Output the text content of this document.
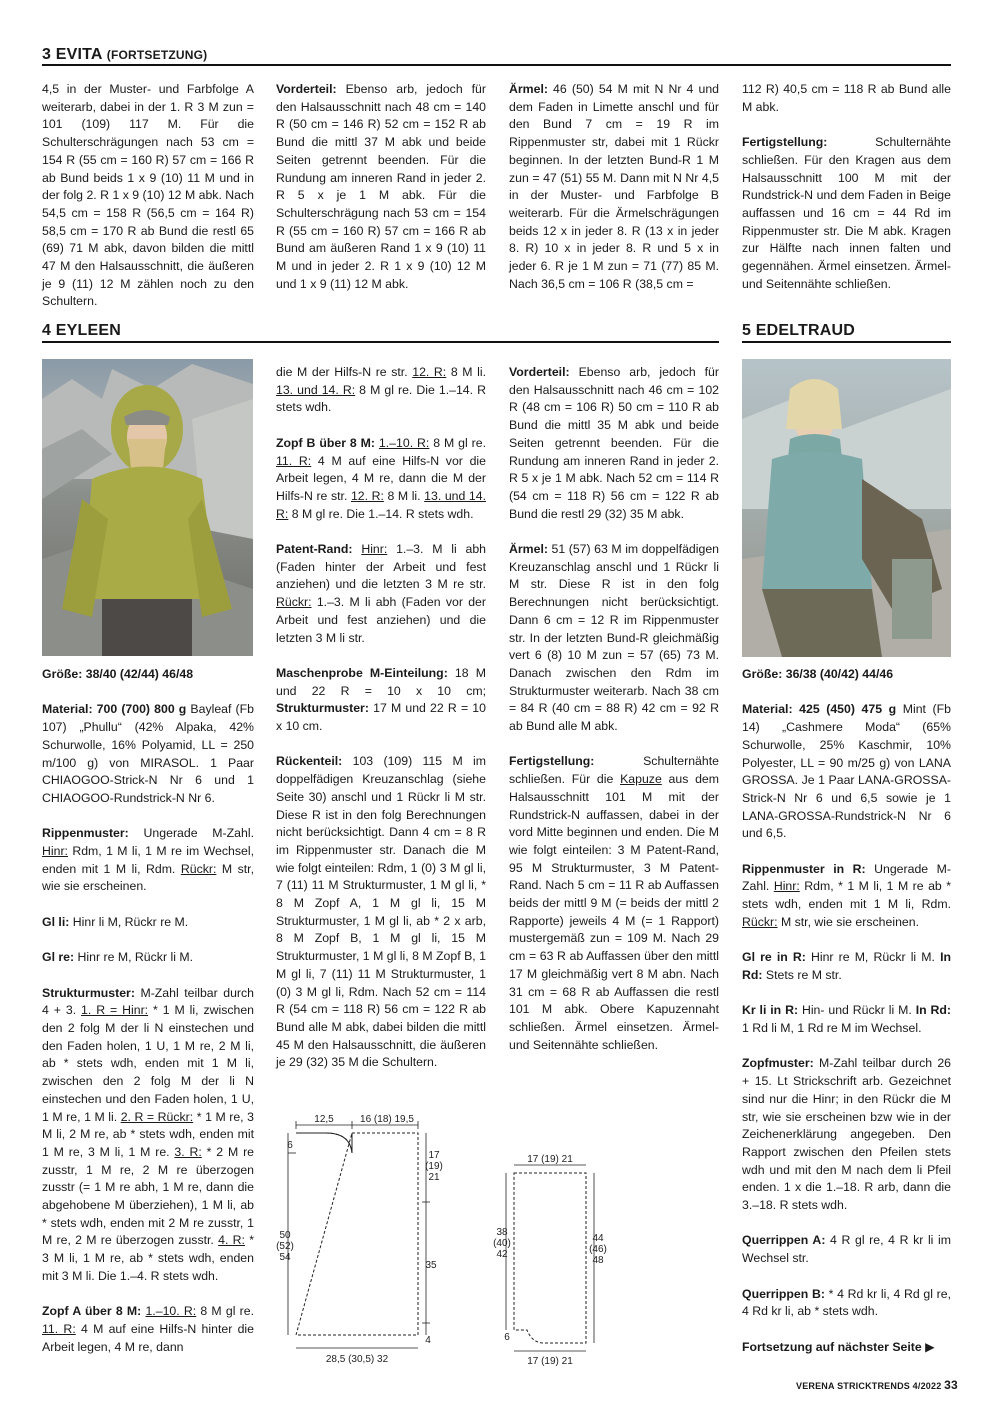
3 EVITA (FORTSETZUNG)

4,5 in der Muster- und Farbfolge A weiterarb, dabei in der 1. R 3 M zun = 101 (109) 117 M. Für die Schulterschrägungen nach 53 cm = 154 R (55 cm = 160 R) 57 cm = 166 R ab Bund beids 1 x 9 (10) 11 M und in der folg 2. R 1 x 9 (10) 12 M abk. Nach 54,5 cm = 158 R (56,5 cm = 164 R) 58,5 cm = 170 R ab Bund die restl 65 (69) 71 M abk, davon bilden die mittl 47 M den Halsausschnitt, die äußeren je 9 (11) 12 M zählen noch zu den Schultern.

Vorderteil: Ebenso arb, jedoch für den Halsausschnitt nach 48 cm = 140 R (50 cm = 146 R) 52 cm = 152 R ab Bund die mittl 37 M abk und beide Seiten getrennt beenden. Für die Rundung am inneren Rand in jeder 2. R 5 x je 1 M abk. Für die Schulterschrägung nach 53 cm = 154 R (55 cm = 160 R) 57 cm = 166 R ab Bund am äußeren Rand 1 x 9 (10) 11 M und in jeder 2. R 1 x 9 (10) 12 M und 1 x 9 (11) 12 M abk.

Ärmel: 46 (50) 54 M mit N Nr 4 und dem Faden in Limette anschl und für den Bund 7 cm = 19 R im Rippenmuster str, dabei mit 1 Rückr beginnen. In der letzten Bund-R 1 M zun = 47 (51) 55 M. Dann mit N Nr 4,5 in der Muster- und Farbfolge B weiterarb. Für die Ärmelschrägungen beids 12 x in jeder 8. R (13 x in jeder 8. R) 10 x in jeder 8. R und 5 x in jeder 6. R je 1 M zun = 71 (77) 85 M. Nach 36,5 cm = 106 R (38,5 cm =

112 R) 40,5 cm = 118 R ab Bund alle M abk.

Fertigstellung: Schulternähte schließen. Für den Kragen aus dem Halsausschnitt 100 M mit der Rundstrick-N und dem Faden in Beige auffassen und 16 cm = 44 Rd im Rippenmuster str. Die M abk. Kragen zur Hälfte nach innen falten und gegennähen. Ärmel einsetzen. Ärmel- und Seitennähte schließen.

4 EYLEEN	5 EDELTRAUD

Größe: 38/40 (42/44) 46/48

Material: 700 (700) 800 g Bayleaf (Fb 107) „Phullu“ (42% Alpaka, 42% Schurwolle, 16% Polyamid, LL = 250 m/100 g) von MIRASOL. 1 Paar CHIAOGOO-Strick-N Nr 6 und 1 CHIAOGOO-Rundstrick-N Nr 6.

Rippenmuster: Ungerade M-Zahl. Hinr: Rdm, 1 M li, 1 M re im Wechsel, enden mit 1 M li, Rdm. Rückr: M str, wie sie erscheinen.

Gl li: Hinr li M, Rückr re M.

Gl re: Hinr re M, Rückr li M.

Strukturmuster: M-Zahl teilbar durch 4 + 3. 1. R = Hinr: * 1 M li, zwischen den 2 folg M der li N einstechen und den Faden holen, 1 U, 1 M re, 2 M li, ab * stets wdh, enden mit 1 M li, zwischen den 2 folg M der li N einstechen und den Faden holen, 1 U, 1 M re, 1 M li. 2. R = Rückr: * 1 M re, 3 M li, 2 M re, ab * stets wdh, enden mit 1 M re, 3 M li, 1 M re. 3. R: * 2 M re zusstr, 1 M re, 2 M re überzogen zusstr (= 1 M re abh, 1 M re, dann die abgehobene M überziehen), 1 M li, ab * stets wdh, enden mit 2 M re zusstr, 1 M re, 2 M re überzogen zusstr. 4. R: * 3 M li, 1 M re, ab * stets wdh, enden mit 3 M li. Die 1.–4. R stets wdh.

Zopf A über 8 M: 1.–10. R: 8 M gl re. 11. R: 4 M auf eine Hilfs-N hinter die Arbeit legen, 4 M re, dann

die M der Hilfs-N re str. 12. R: 8 M li. 13. und 14. R: 8 M gl re. Die 1.–14. R stets wdh.

Zopf B über 8 M: 1.–10. R: 8 M gl re. 11. R: 4 M auf eine Hilfs-N vor die Arbeit legen, 4 M re, dann die M der Hilfs-N re str. 12. R: 8 M li. 13. und 14. R: 8 M gl re. Die 1.–14. R stets wdh.

Patent-Rand: Hinr: 1.–3. M li abh (Faden hinter der Arbeit und fest anziehen) und die letzten 3 M re str. Rückr: 1.–3. M li abh (Faden vor der Arbeit und fest anziehen) und die letzten 3 M li str.

Maschenprobe M-Einteilung: 18 M und 22 R = 10 x 10 cm; Strukturmuster: 17 M und 22 R = 10 x 10 cm.

Rückenteil: 103 (109) 115 M im doppelfädigen Kreuzanschlag (siehe Seite 30) anschl und 1 Rückr li M str. Diese R ist in den folg Berechnungen nicht berücksichtigt. Dann 4 cm = 8 R im Rippenmuster str. Danach die M wie folgt einteilen: Rdm, 1 (0) 3 M gl li, 7 (11) 11 M Strukturmuster, 1 M gl li, * 8 M Zopf A, 1 M gl li, 15 M Strukturmuster, 1 M gl li, ab * 2 x arb, 8 M Zopf B, 1 M gl li, 15 M Strukturmuster, 1 M gl li, 8 M Zopf B, 1 M gl li, 7 (11) 11 M Strukturmuster, 1 (0) 3 M gl li, Rdm. Nach 52 cm = 114 R (54 cm = 118 R) 56 cm = 122 R ab Bund alle M abk, dabei bilden die mittl 45 M den Halsausschnitt, die äußeren je 29 (32) 35 M die Schultern.

Vorderteil: Ebenso arb, jedoch für den Halsausschnitt nach 46 cm = 102 R (48 cm = 106 R) 50 cm = 110 R ab Bund die mittl 35 M abk und beide Seiten getrennt beenden. Für die Rundung am inneren Rand in jeder 2. R 5 x je 1 M abk. Nach 52 cm = 114 R (54 cm = 118 R) 56 cm = 122 R ab Bund die restl 29 (32) 35 M abk.

Ärmel: 51 (57) 63 M im doppelfädigen Kreuzanschlag anschl und 1 Rückr li M str. Diese R ist in den folg Berechnungen nicht berücksichtigt. Dann 6 cm = 12 R im Rippenmuster str. In der letzten Bund-R gleichmäßig vert 6 (8) 10 M zun = 57 (65) 73 M. Danach zwischen den Rdm im Strukturmuster weiterarb. Nach 38 cm = 84 R (40 cm = 88 R) 42 cm = 92 R ab Bund alle M abk.

Fertigstellung: Schulternähte schließen. Für die Kapuze aus dem Halsausschnitt 101 M mit der Rundstrick-N auffassen, dabei in der vord Mitte beginnen und enden. Die M wie folgt einteilen: 3 M Patent-Rand, 95 M Strukturmuster, 3 M Patent-Rand. Nach 5 cm = 11 R ab Auffassen beids der mittl 9 M (= beids der mittl 2 Rapporte) jeweils 4 M (= 1 Rapport) mustergemäß zun = 109 M. Nach 29 cm = 63 R ab Auffassen über den mittl 17 M gleichmäßig vert 8 M abn. Nach 31 cm = 68 R ab Auffassen die restl 101 M abk. Obere Kapuzennaht schließen. Ärmel einsetzen. Ärmel- und Seitennähte schließen.

12,5	16 (18) 19,5
6
50
(52)
54
17
(19)
21
35
4
28,5 (30,5) 32
17 (19) 21
38
(40)
42
44
(46)
48
6
17 (19) 21

Größe: 36/38 (40/42) 44/46

Material: 425 (450) 475 g Mint (Fb 14) „Cashmere Moda“ (65% Schurwolle, 25% Kaschmir, 10% Polyester, LL = 90 m/25 g) von LANA GROSSA. Je 1 Paar LANA-GROSSA-Strick-N Nr 6 und 6,5 sowie je 1 LANA-GROSSA-Rundstrick-N Nr 6 und 6,5.

Rippenmuster in R: Ungerade M-Zahl. Hinr: Rdm, * 1 M li, 1 M re ab * stets wdh, enden mit 1 M li, Rdm. Rückr: M str, wie sie erscheinen.

Gl re in R: Hinr re M, Rückr li M. In Rd: Stets re M str.

Kr li in R: Hin- und Rückr li M. In Rd: 1 Rd li M, 1 Rd re M im Wechsel.

Zopfmuster: M-Zahl teilbar durch 26 + 15. Lt Strickschrift arb. Gezeichnet sind nur die Hinr; in den Rückr die M str, wie sie erscheinen bzw wie in der Zeichenerklärung angegeben. Den Rapport zwischen den Pfeilen stets wdh und mit den M nach dem li Pfeil enden. 1 x die 1.–18. R arb, dann die 3.–18. R stets wdh.

Querrippen A: 4 R gl re, 4 R kr li im Wechsel str.

Querrippen B: * 4 Rd kr li, 4 Rd gl re, 4 Rd kr li, ab * stets wdh.

Fortsetzung auf nächster Seite ▶

VERENA STRICKTRENDS 4/2022 33
